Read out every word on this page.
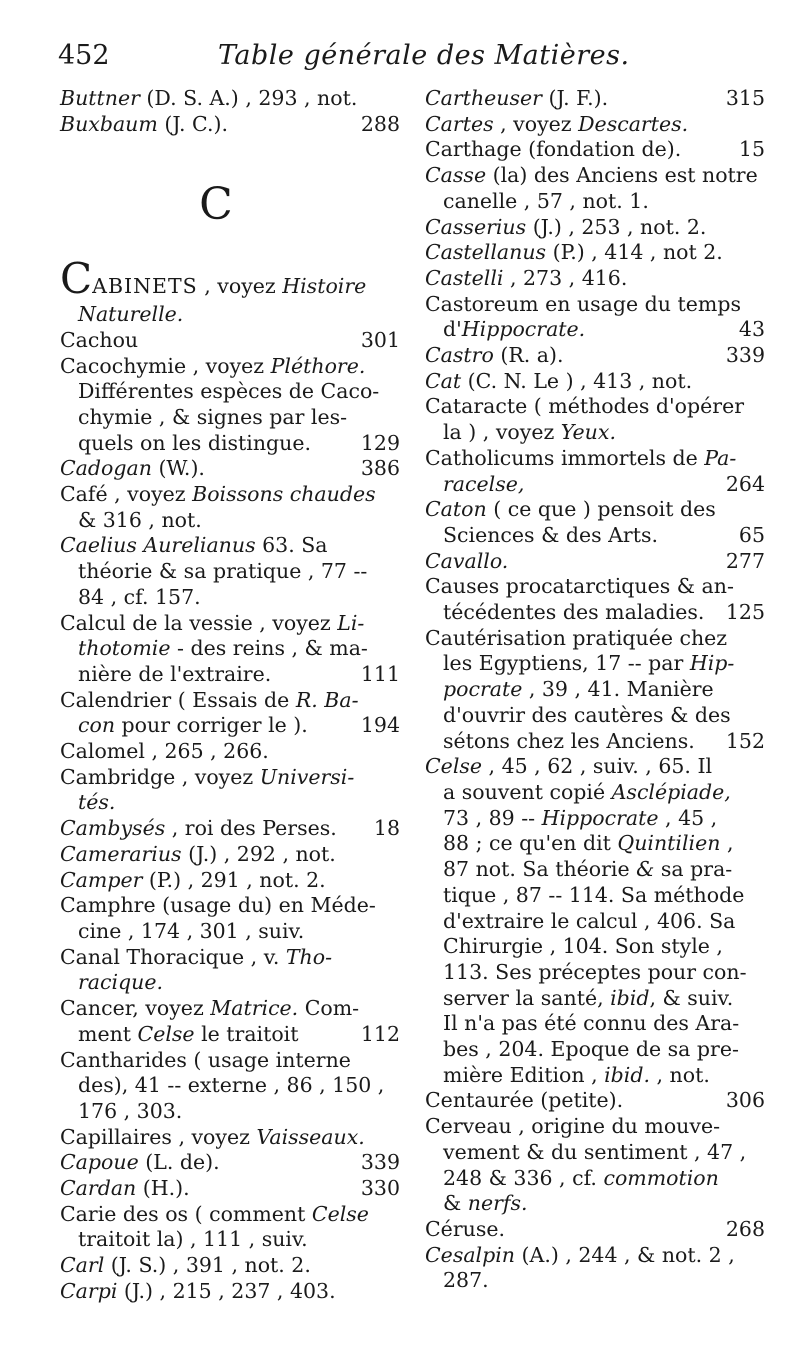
452	Table générale des Matières.
Buttner (D. S. A.) , 293 , not.
Buxbaum (J. C.).	288
C
CABINETS , voyez Histoire
Naturelle.
301
Cachou
Cacochymie , voyez Pléthore.
Différentes espèces de Caco-
chymie , & signes par les-
129
quels on les distingue.
386
Cadogan (W.).
Café , voyez Boissons chaudes
& 316 , not.
Caelius Aurelianus 63. Sa
théorie & sa pratique , 77 --
84 , cf. 157.
Calcul de la vessie , voyez Li-
thotomie - des reins , & ma-
111
nière de l'extraire.
Calendrier ( Essais de R. Ba-
194
con pour corriger le ).
Calomel , 265 , 266.
Cambridge , voyez Universi-
tés.
18
Cambysés , roi des Perses.
Camerarius (J.) , 292 , not.
Camper (P.) , 291 , not. 2.
Camphre (usage du) en Méde-
cine , 174 , 301 , suiv.
Canal Thoracique , v. Tho-
racique.
Cancer, voyez Matrice. Com-
112
ment Celse le traitoit
Cantharides ( usage interne
des), 41 -- externe , 86 , 150 ,
176 , 303.
Capillaires , voyez Vaisseaux.
339
Capoue (L. de).
330
Cardan (H.).
Carie des os ( comment Celse
traitoit la) , 111 , suiv.
Carl (J. S.) , 391 , not. 2.
Carpi (J.) , 215 , 237 , 403.
315
Cartheuser (J. F.).
Cartes , voyez Descartes.
15
Carthage (fondation de).
Casse (la) des Anciens est notre
canelle , 57 , not. 1.
Casserius (J.) , 253 , not. 2.
Castellanus (P.) , 414 , not 2.
Castelli , 273 , 416.
Castoreum en usage du temps
43
d'Hippocrate.
339
Castro (R. a).
Cat (C. N. Le ) , 413 , not.
Cataracte ( méthodes d'opérer
la ) , voyez Yeux.
Catholicums immortels de Pa-
264
racelse,
Caton ( ce que ) pensoit des
65
Sciences & des Arts.
277
Cavallo.
Causes procatarctiques & an-
125
técédentes des maladies.
Cautérisation pratiquée chez
les Egyptiens, 17 -- par Hip-
pocrate , 39 , 41. Manière
d'ouvrir des cautères & des
152
sétons chez les Anciens.
Celse , 45 , 62 , suiv. , 65. Il
a souvent copié Asclépiade,
73 , 89 -- Hippocrate , 45 ,
88 ; ce qu'en dit Quintilien ,
87 not. Sa théorie & sa pra-
tique , 87 -- 114. Sa méthode
d'extraire le calcul , 406. Sa
Chirurgie , 104. Son style ,
113. Ses préceptes pour con-
server la santé, ibid, & suiv.
Il n'a pas été connu des Ara-
bes , 204. Epoque de sa pre-
mière Edition , ibid. , not.
306
Centaurée (petite).
Cerveau , origine du mouve-
vement & du sentiment , 47 ,
248 & 336 , cf. commotion
& nerfs.
268
Céruse.
Cesalpin (A.) , 244 , & not. 2 ,
287.
